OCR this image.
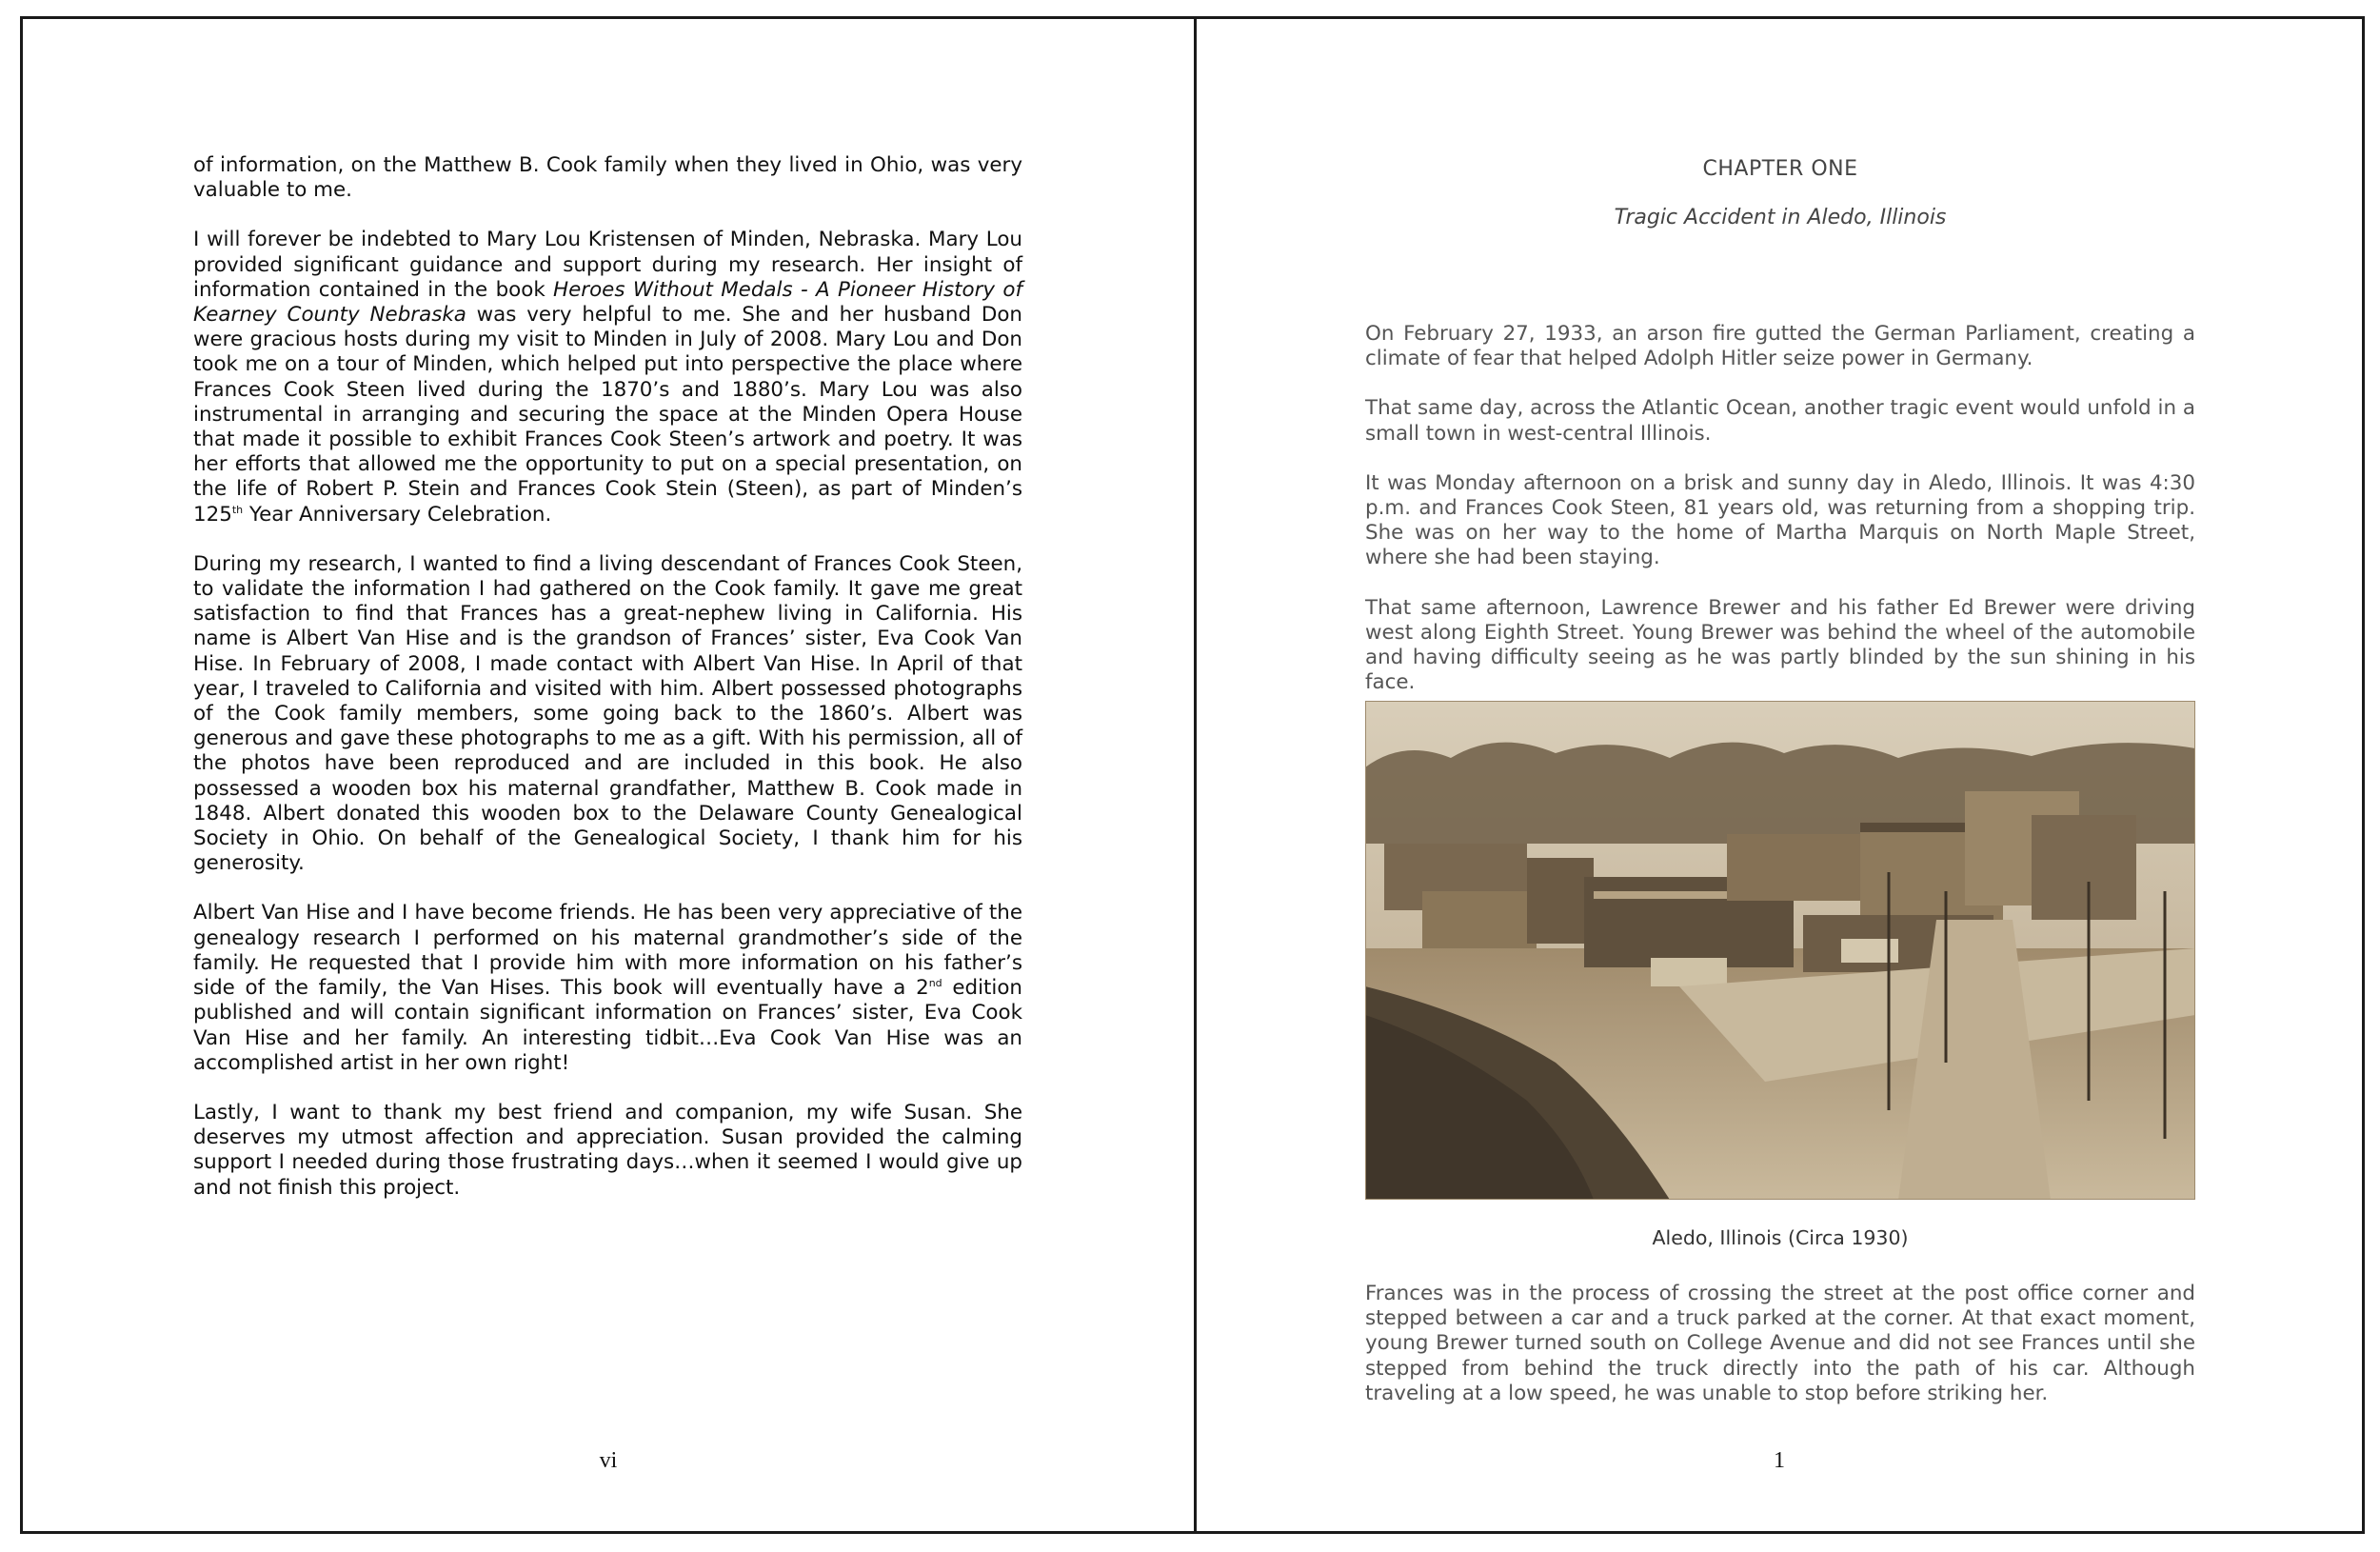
of information, on the Matthew B. Cook family when they lived in Ohio, was very valuable to me.

I will forever be indebted to Mary Lou Kristensen of Minden, Nebraska. Mary Lou provided significant guidance and support during my research. Her insight of information contained in the book Heroes Without Medals - A Pioneer History of Kearney County Nebraska was very helpful to me. She and her husband Don were gracious hosts during my visit to Minden in July of 2008. Mary Lou and Don took me on a tour of Minden, which helped put into perspective the place where Frances Cook Steen lived during the 1870’s and 1880’s. Mary Lou was also instrumental in arranging and securing the space at the Minden Opera House that made it possible to exhibit Frances Cook Steen’s artwork and poetry. It was her efforts that allowed me the opportunity to put on a special presentation, on the life of Robert P. Stein and Frances Cook Stein (Steen), as part of Minden’s 125th Year Anniversary Celebration.

During my research, I wanted to find a living descendant of Frances Cook Steen, to validate the information I had gathered on the Cook family. It gave me great satisfaction to find that Frances has a great-nephew living in California. His name is Albert Van Hise and is the grandson of Frances’ sister, Eva Cook Van Hise. In February of 2008, I made contact with Albert Van Hise. In April of that year, I traveled to California and visited with him. Albert possessed photographs of the Cook family members, some going back to the 1860’s. Albert was generous and gave these photographs to me as a gift. With his permission, all of the photos have been reproduced and are included in this book. He also possessed a wooden box his maternal grandfather, Matthew B. Cook made in 1848. Albert donated this wooden box to the Delaware County Genealogical Society in Ohio. On behalf of the Genealogical Society, I thank him for his generosity.

Albert Van Hise and I have become friends. He has been very appreciative of the genealogy research I performed on his maternal grandmother’s side of the family. He requested that I provide him with more information on his father’s side of the family, the Van Hises. This book will eventually have a 2nd edition published and will contain significant information on Frances’ sister, Eva Cook Van Hise and her family. An interesting tidbit…Eva Cook Van Hise was an accomplished artist in her own right!

Lastly, I want to thank my best friend and companion, my wife Susan. She deserves my utmost affection and appreciation. Susan provided the calming support I needed during those frustrating days…when it seemed I would give up and not finish this project.

vi
CHAPTER ONE
Tragic Accident in Aledo, Illinois

On February 27, 1933, an arson fire gutted the German Parliament, creating a climate of fear that helped Adolph Hitler seize power in Germany.

That same day, across the Atlantic Ocean, another tragic event would unfold in a small town in west-central Illinois.

It was Monday afternoon on a brisk and sunny day in Aledo, Illinois. It was 4:30 p.m. and Frances Cook Steen, 81 years old, was returning from a shopping trip. She was on her way to the home of Martha Marquis on North Maple Street, where she had been staying.

That same afternoon, Lawrence Brewer and his father Ed Brewer were driving west along Eighth Street. Young Brewer was behind the wheel of the automobile and having difficulty seeing as he was partly blinded by the sun shining in his face.

Aledo, Illinois (Circa 1930)

Frances was in the process of crossing the street at the post office corner and stepped between a car and a truck parked at the corner. At that exact moment, young Brewer turned south on College Avenue and did not see Frances until she stepped from behind the truck directly into the path of his car. Although traveling at a low speed, he was unable to stop before striking her.

1
